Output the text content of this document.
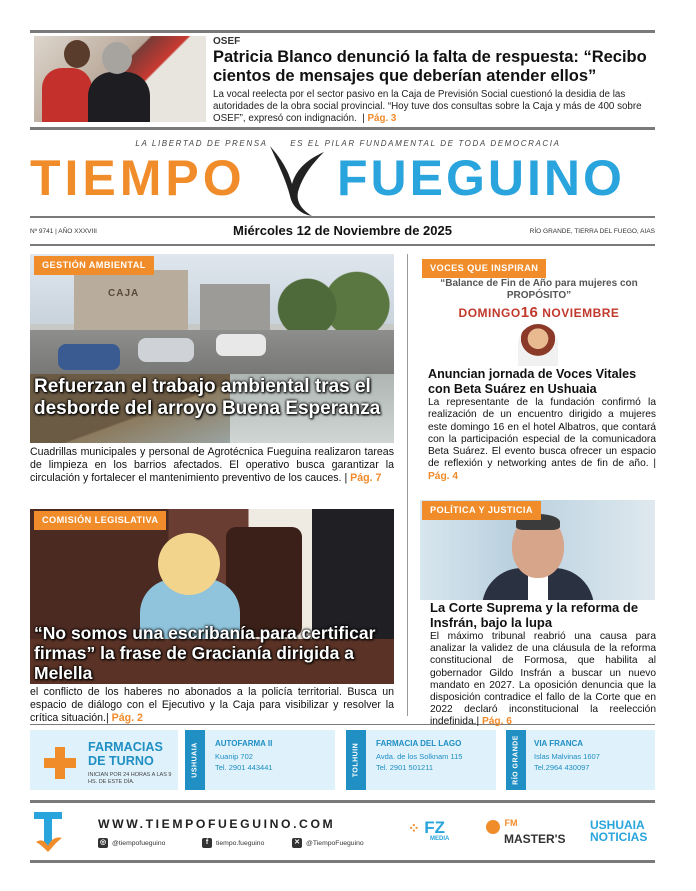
OSEF
Patricia Blanco denunció la falta de respuesta: “Recibo cientos de mensajes que deberían atender ellos”
La vocal reelecta por el sector pasivo en la Caja de Previsión Social cuestionó la desidia de las autoridades de la obra social provincial. “Hoy tuve dos consultas sobre la Caja y más de 400 sobre OSEF”, expresó con indignación.  | Pág. 3
LA LIBERTAD DE PRENSA      ES EL PILAR FUNDAMENTAL DE TODA DEMOCRACIA
TIEMPO FUEGUINO
Nº 9741 | AÑO XXXVIII	Miércoles 12 de Noviembre de 2025	RÍO GRANDE, TIERRA DEL FUEGO, AIAS
CAJA
GESTIÓN AMBIENTAL
Refuerzan el trabajo ambiental tras el desborde del arroyo Buena Esperanza
Cuadrillas municipales y personal de Agrotécnica Fueguina realizaron tareas de limpieza en los barrios afectados. El operativo busca garantizar la circulación y fortalecer el mantenimiento preventivo de los cauces. | Pág. 7
COMISIÓN LEGISLATIVA
“No somos una escribanía para certificar firmas” la frase de Gracianía dirigida a Melella
el conflicto de los haberes no abonados a la policía territorial. Busca un espacio de diálogo con el Ejecutivo y la Caja para visibilizar y resolver la crítica situación.| Pág. 2
VOCES QUE INSPIRAN
“Balance de Fin de Año para mujeres con PROPÓSITO”
DOMINGO16 NOVIEMBRE
Anuncian jornada de Voces Vitales con Beta Suárez en Ushuaia
La representante de la fundación confirmó la realización de un encuentro dirigido a mujeres este domingo 16 en el hotel Albatros, que contará con la participación especial de la comunicadora Beta Suárez. El evento busca ofrecer un espacio de reflexión y networking antes de fin de año. | Pág. 4
POLÍTICA Y JUSTICIA
La Corte Suprema y la reforma de Insfrán, bajo la lupa
El máximo tribunal reabrió una causa para analizar la validez de una cláusula de la reforma constitucional de Formosa, que habilita al gobernador Gildo Insfrán a buscar un nuevo mandato en 2027. La oposición denuncia que la disposición contradice el fallo de la Corte que en 2022 declaró inconstitucional la reelección indefinida.| Pág. 6
FARMACIAS
DE TURNO
INICIAN POR 24 HORAS A LAS 9 HS. DE ESTE DÍA.
USHUAIA AUTOFARMA II
Kuanip 702
Tel. 2901 443441	TOLHUIN FARMACIA DEL LAGO
Avda. de los Solknam 115
Tel. 2901 501211	RÍO GRANDE VIA FRANCA
Islas Malvinas 1607
Tel.2964 430097
WWW.TIEMPOFUEGUINO.COM
◎ @tiempofueguino	f	tiempo.fueguino	✕ @TiempoFueguino
⁘ FZ
MEDIA
$^{FM}$
MASTER'S
USHUAIA
NOTICIAS
